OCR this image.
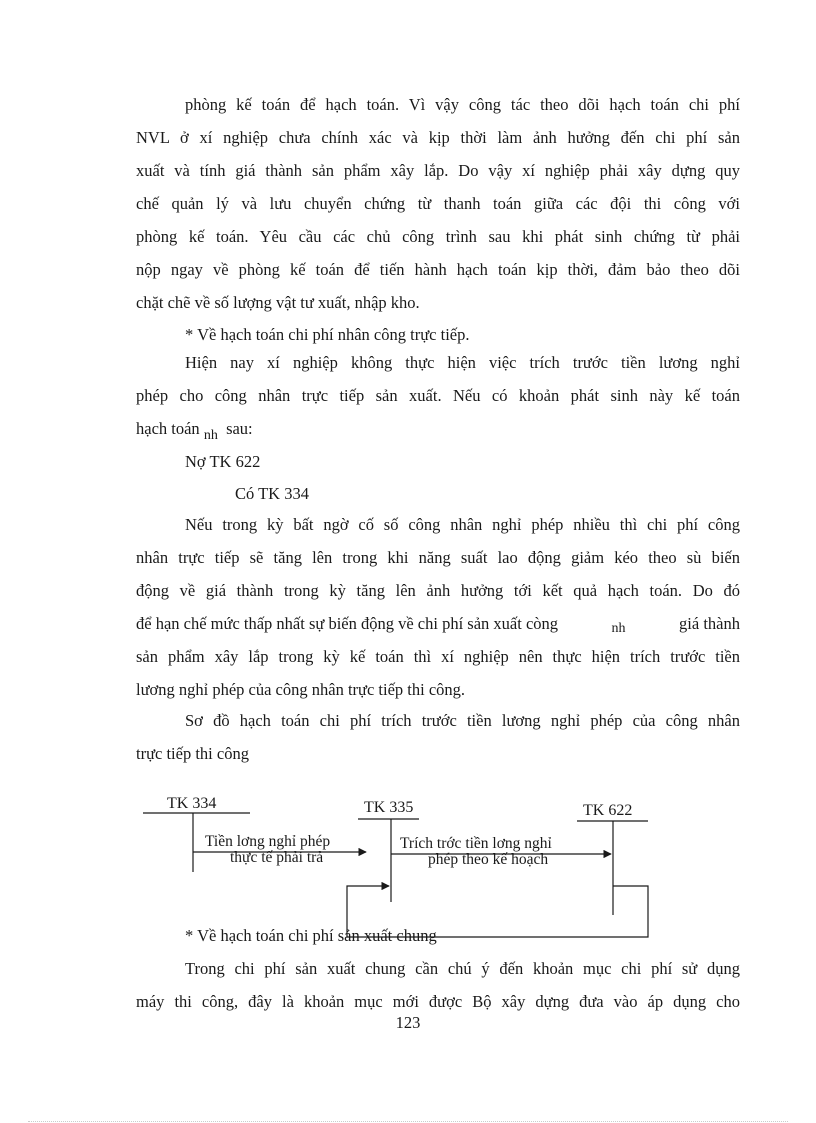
phòng kế toán để hạch toán. Vì vậy công tác theo dõi hạch toán chi phí
NVL ở xí nghiệp chưa chính xác và kịp thời làm ảnh hưởng đến chi phí sản
xuất và tính giá thành sản phẩm xây lắp. Do vậy xí nghiệp phải xây dựng quy
chế quản lý và lưu chuyển chứng từ thanh toán giữa các đội thi công với
phòng kế toán. Yêu cầu các chủ công trình sau khi phát sinh chứng từ phải
nộp ngay về phòng kế toán để tiến hành hạch toán kịp thời, đảm bảo theo dõi
chặt chẽ về số lượng vật tư xuất, nhập kho.
* Về hạch toán chi phí nhân công trực tiếp.
Hiện nay xí nghiệp không thực hiện việc trích trước tiền lương nghỉ
phép cho công nhân trực tiếp sản xuất. Nếu có khoản phát sinh này kế toán
hạch toán $_{nh}$ sau:
Nợ TK 622
Có TK 334
Nếu trong kỳ bất ngờ cố số công nhân nghỉ phép nhiều thì chi phí công
nhân trực tiếp sẽ tăng lên trong khi năng suất lao động giảm kéo theo sù biến
động về giá thành trong kỳ tăng lên ảnh hưởng tới kết quả hạch toán. Do đó
để hạn chế mức thấp nhất sự biến động về chi phí sản xuất còng	nh	giá thành
sản phẩm xây lắp trong kỳ kế toán thì xí nghiệp nên thực hiện trích trước tiền
lương nghỉ phép của công nhân trực tiếp thi công.
Sơ đồ hạch toán chi phí trích trước tiền lương nghỉ phép của công nhân
trực tiếp thi công
TK 334	TK 335	TK 622
Tiền lơng nghỉ phép
thực tế phải trả
Trích trớc tiền lơng nghỉ
phép theo kế hoạch
* Về hạch toán chi phí sản xuất chung
Trong chi phí sản xuất chung cần chú ý đến khoản mục chi phí sử dụng
máy thi công, đây là khoản mục mới được Bộ xây dựng đưa vào áp dụng cho
123
